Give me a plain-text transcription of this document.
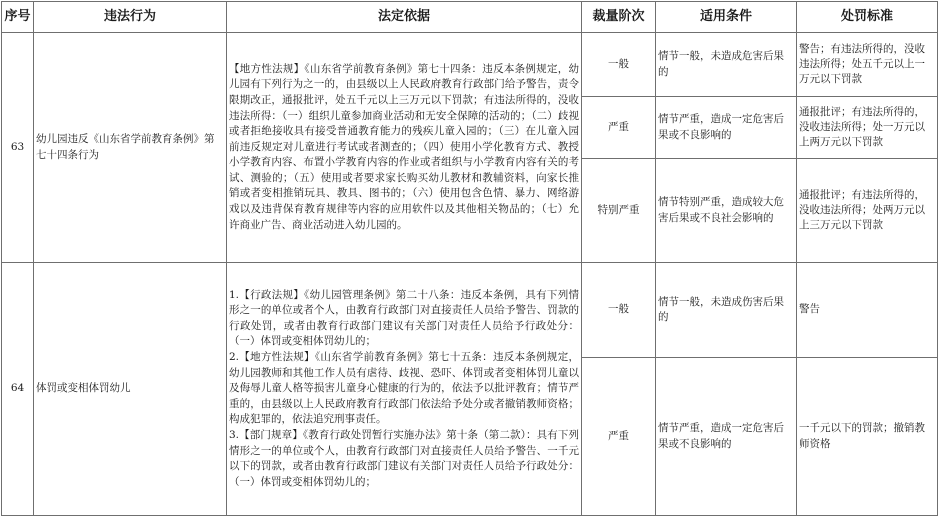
序号	违法行为	法定依据	裁量阶次	适用条件	处罚标准
63	幼儿园违反《山东省学前教育条例》第七十四条行为	【地方性法规】《山东省学前教育条例》第七十四条：违反本条例规定，幼儿园有下列行为之一的，由县级以上人民政府教育行政部门给予警告，责令限期改正，通报批评，处五千元以上三万元以下罚款；有违法所得的，没收违法所得：（一）组织儿童参加商业活动和无安全保障的活动的；（二）歧视或者拒绝接收具有接受普通教育能力的残疾儿童入园的；（三）在儿童入园前违反规定对儿童进行考试或者测查的；（四）使用小学化教育方式、教授小学教育内容、布置小学教育内容的作业或者组织与小学教育内容有关的考试、测验的；（五）使用或者要求家长购买幼儿教材和教辅资料，向家长推销或者变相推销玩具、教具、图书的；（六）使用包含色情、暴力、网络游戏以及违背保育教育规律等内容的应用软件以及其他相关物品的；（七）允许商业广告、商业活动进入幼儿园的。	一般	情节一般，未造成危害后果的	警告；有违法所得的，没收违法所得；处五千元以上一万元以下罚款
			严重	情节严重，造成一定危害后果或不良影响的	通报批评；有违法所得的，没收违法所得；处一万元以上两万元以下罚款
			特别严重	情节特别严重，造成较大危害后果或不良社会影响的	通报批评；有违法所得的，没收违法所得；处两万元以上三万元以下罚款
64	体罚或变相体罚幼儿	1.【行政法规】《幼儿园管理条例》第二十八条：违反本条例，具有下列情形之一的单位或者个人，由教育行政部门对直接责任人员给予警告、罚款的行政处罚，或者由教育行政部门建议有关部门对责任人员给予行政处分：（一）体罚或变相体罚幼儿的；
2.【地方性法规】《山东省学前教育条例》第七十五条：违反本条例规定，幼儿园教师和其他工作人员有虐待、歧视、恐吓、体罚或者变相体罚儿童以及侮辱儿童人格等损害儿童身心健康的行为的，依法予以批评教育；情节严重的，由县级以上人民政府教育行政部门依法给予处分或者撤销教师资格；构成犯罪的，依法追究刑事责任。
3.【部门规章】《教育行政处罚暂行实施办法》第十条（第二款）：具有下列情形之一的单位或个人，由教育行政部门对直接责任人员给予警告、一千元以下的罚款，或者由教育行政部门建议有关部门对责任人员给予行政处分：（一）体罚或变相体罚幼儿的；	一般	情节一般，未造成伤害后果的	警告
			严重	情节严重，造成一定危害后果或不良影响的	一千元以下的罚款；撤销教师资格
